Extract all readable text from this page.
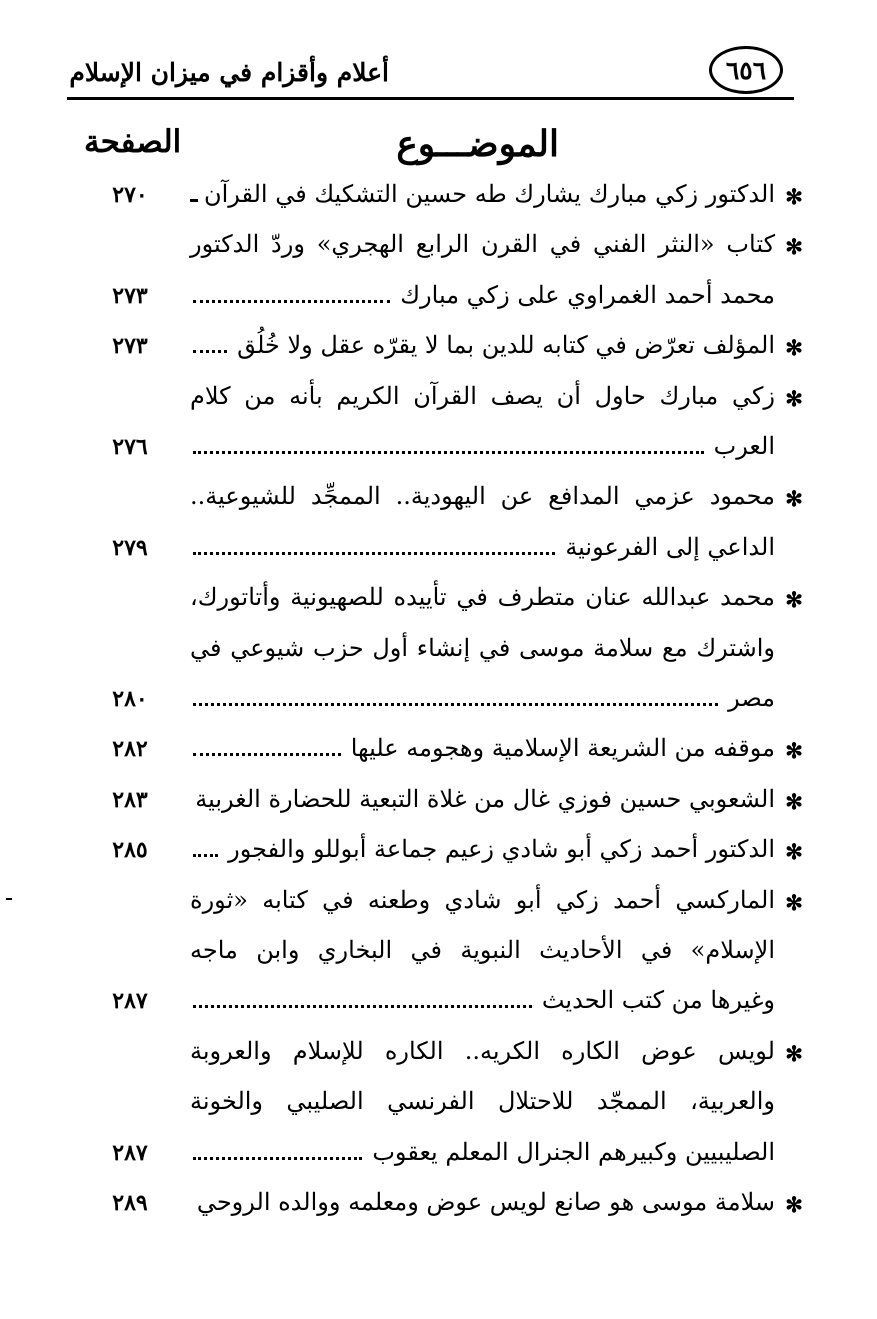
أعلام وأقزام في ميزان الإسلام	٦٥٦
الموضـــوع
الصفحة
✻
الدكتور زكي مبارك يشارك طه حسين التشكيك في القرآن
٢٧٠
✻
كتاب «النثر الفني في القرن الرابع الهجري» وردّ الدكتور
محمد أحمد الغمراوي على زكي مبارك
٢٧٣
✻
المؤلف تعرّض في كتابه للدين بما لا يقرّه عقل ولا خُلُق
٢٧٣
✻
زكي مبارك حاول أن يصف القرآن الكريم بأنه من كلام
العرب
٢٧٦
✻
محمود عزمي المدافع عن اليهودية.. الممجِّد للشيوعية..
الداعي إلى الفرعونية
٢٧٩
✻
محمد عبدالله عنان متطرف في تأييده للصهيونية وأتاتورك،
واشترك مع سلامة موسى في إنشاء أول حزب شيوعي في
مصر
٢٨٠
✻
موقفه من الشريعة الإسلامية وهجومه عليها
٢٨٢
✻
الشعوبي حسين فوزي غال من غلاة التبعية للحضارة الغربية
٢٨٣
✻
الدكتور أحمد زكي أبو شادي زعيم جماعة أبوللو والفجور
٢٨٥
✻
الماركسي أحمد زكي أبو شادي وطعنه في كتابه «ثورة
الإسلام» في الأحاديث النبوية في البخاري وابن ماجه
وغيرها من كتب الحديث
٢٨٧
✻
لويس عوض الكاره الكريه.. الكاره للإسلام والعروبة
والعربية، الممجّد للاحتلال الفرنسي الصليبي والخونة
الصليبيين وكبيرهم الجنرال المعلم يعقوب
٢٨٧
✻
سلامة موسى هو صانع لويس عوض ومعلمه ووالده الروحي
٢٨٩
